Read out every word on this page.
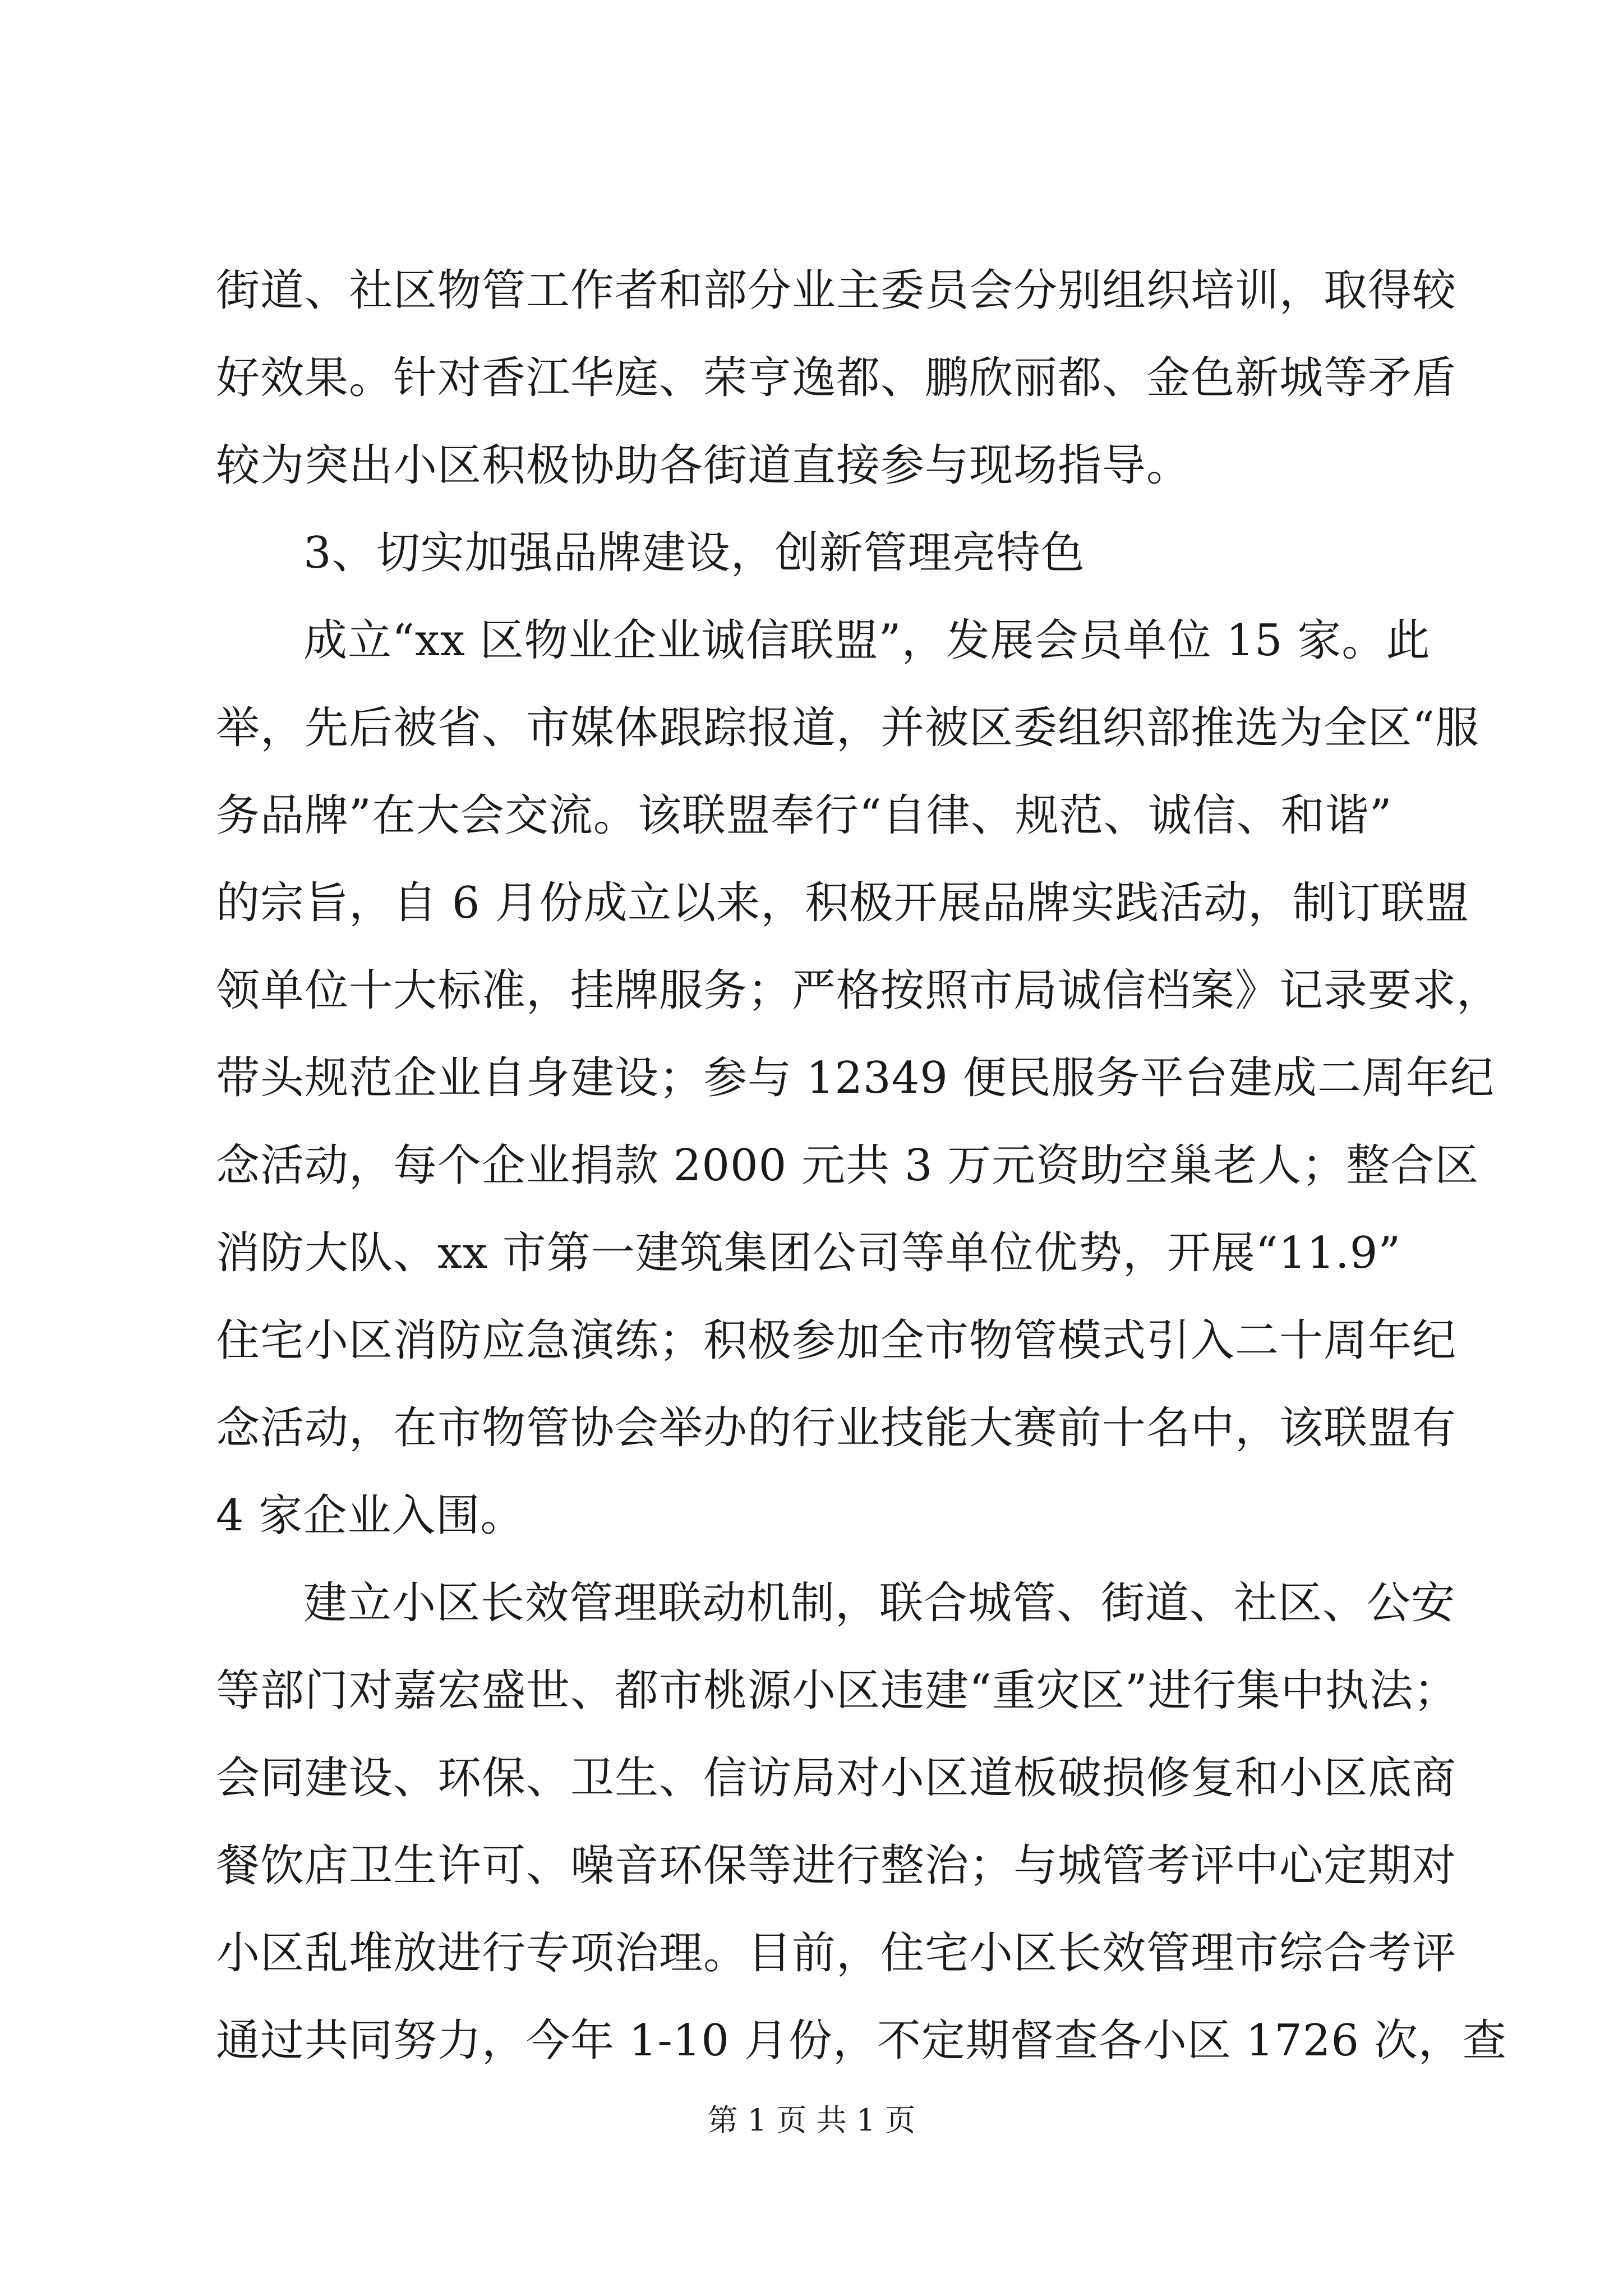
街道、社区物管工作者和部分业主委员会分别组织培训，取得较
好效果。针对香江华庭、荣亨逸都、鹏欣丽都、金色新城等矛盾
较为突出小区积极协助各街道直接参与现场指导。
3、切实加强品牌建设，创新管理亮特色
成立“xx 区物业企业诚信联盟”，发展会员单位 15 家。此
举，先后被省、市媒体跟踪报道，并被区委组织部推选为全区“服
务品牌”在大会交流。该联盟奉行“自律、规范、诚信、和谐”
的宗旨，自 6 月份成立以来，积极开展品牌实践活动，制订联盟
领单位十大标准，挂牌服务；严格按照市局诚信档案》记录要求，
带头规范企业自身建设；参与 12349 便民服务平台建成二周年纪
念活动，每个企业捐款 2000 元共 3 万元资助空巢老人；整合区
消防大队、xx 市第一建筑集团公司等单位优势，开展“11.9”
住宅小区消防应急演练；积极参加全市物管模式引入二十周年纪
念活动，在市物管协会举办的行业技能大赛前十名中，该联盟有
4 家企业入围。
建立小区长效管理联动机制，联合城管、街道、社区、公安
等部门对嘉宏盛世、都市桃源小区违建“重灾区”进行集中执法；
会同建设、环保、卫生、信访局对小区道板破损修复和小区底商
餐饮店卫生许可、噪音环保等进行整治；与城管考评中心定期对
小区乱堆放进行专项治理。目前，住宅小区长效管理市综合考评
通过共同努力，今年 1-10 月份，不定期督查各小区 1726 次，查
第 1 页 共 1 页
